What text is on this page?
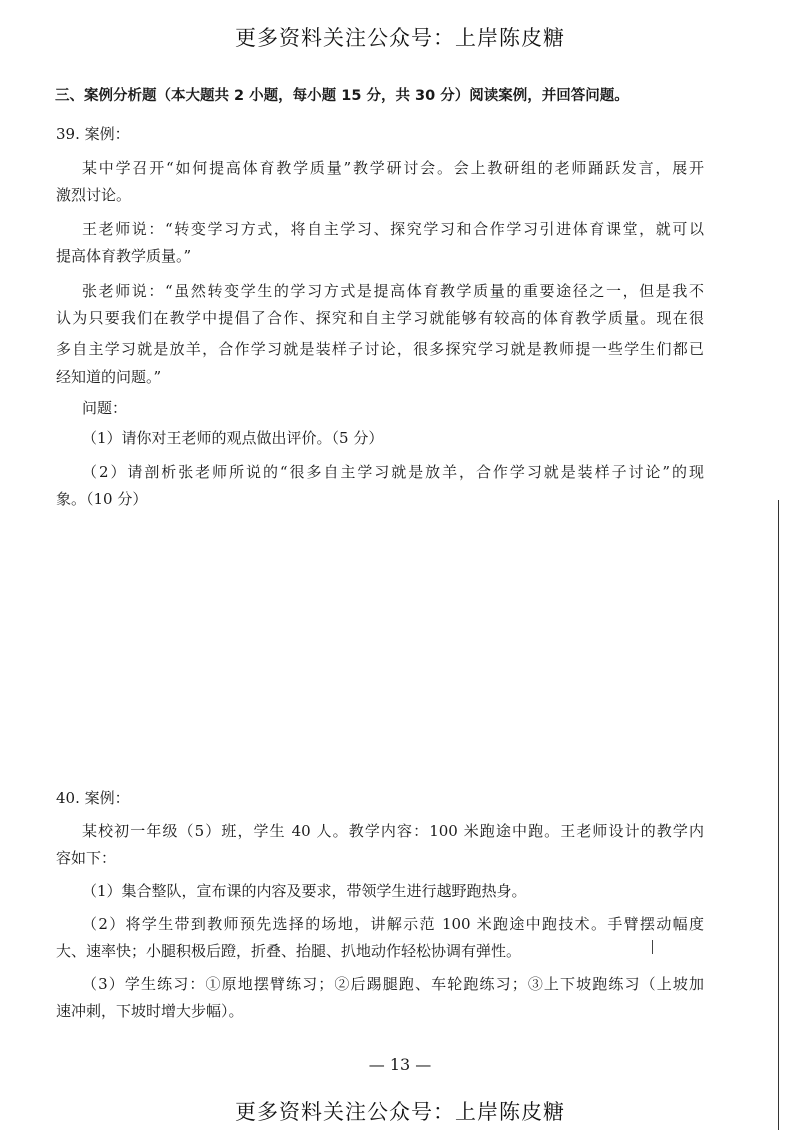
更多资料关注公众号：上岸陈皮糖
三、案例分析题（本大题共 2 小题，每小题 15 分，共 30 分）阅读案例，并回答问题。
39. 案例：
某中学召开“如何提高体育教学质量”教学研讨会。会上教研组的老师踊跃发言，展开
激烈讨论。
王老师说：“转变学习方式，将自主学习、探究学习和合作学习引进体育课堂，就可以
提高体育教学质量。”
张老师说：“虽然转变学生的学习方式是提高体育教学质量的重要途径之一，但是我不
认为只要我们在教学中提倡了合作、探究和自主学习就能够有较高的体育教学质量。现在很
多自主学习就是放羊，合作学习就是装样子讨论，很多探究学习就是教师提一些学生们都已
经知道的问题。”
问题：
（1）请你对王老师的观点做出评价。（5 分）
（2）请剖析张老师所说的“很多自主学习就是放羊，合作学习就是装样子讨论”的现
象。（10 分）
40. 案例：
某校初一年级（5）班，学生 40 人。教学内容：100 米跑途中跑。王老师设计的教学内
容如下：
（1）集合整队，宣布课的内容及要求，带领学生进行越野跑热身。
（2）将学生带到教师预先选择的场地，讲解示范 100 米跑途中跑技术。手臂摆动幅度
大、速率快；小腿积极后蹬，折叠、抬腿、扒地动作轻松协调有弹性。
（3）学生练习：①原地摆臂练习；②后踢腿跑、车轮跑练习；③上下坡跑练习（上坡加
速冲刺，下坡时增大步幅）。
— 13 —
更多资料关注公众号：上岸陈皮糖
